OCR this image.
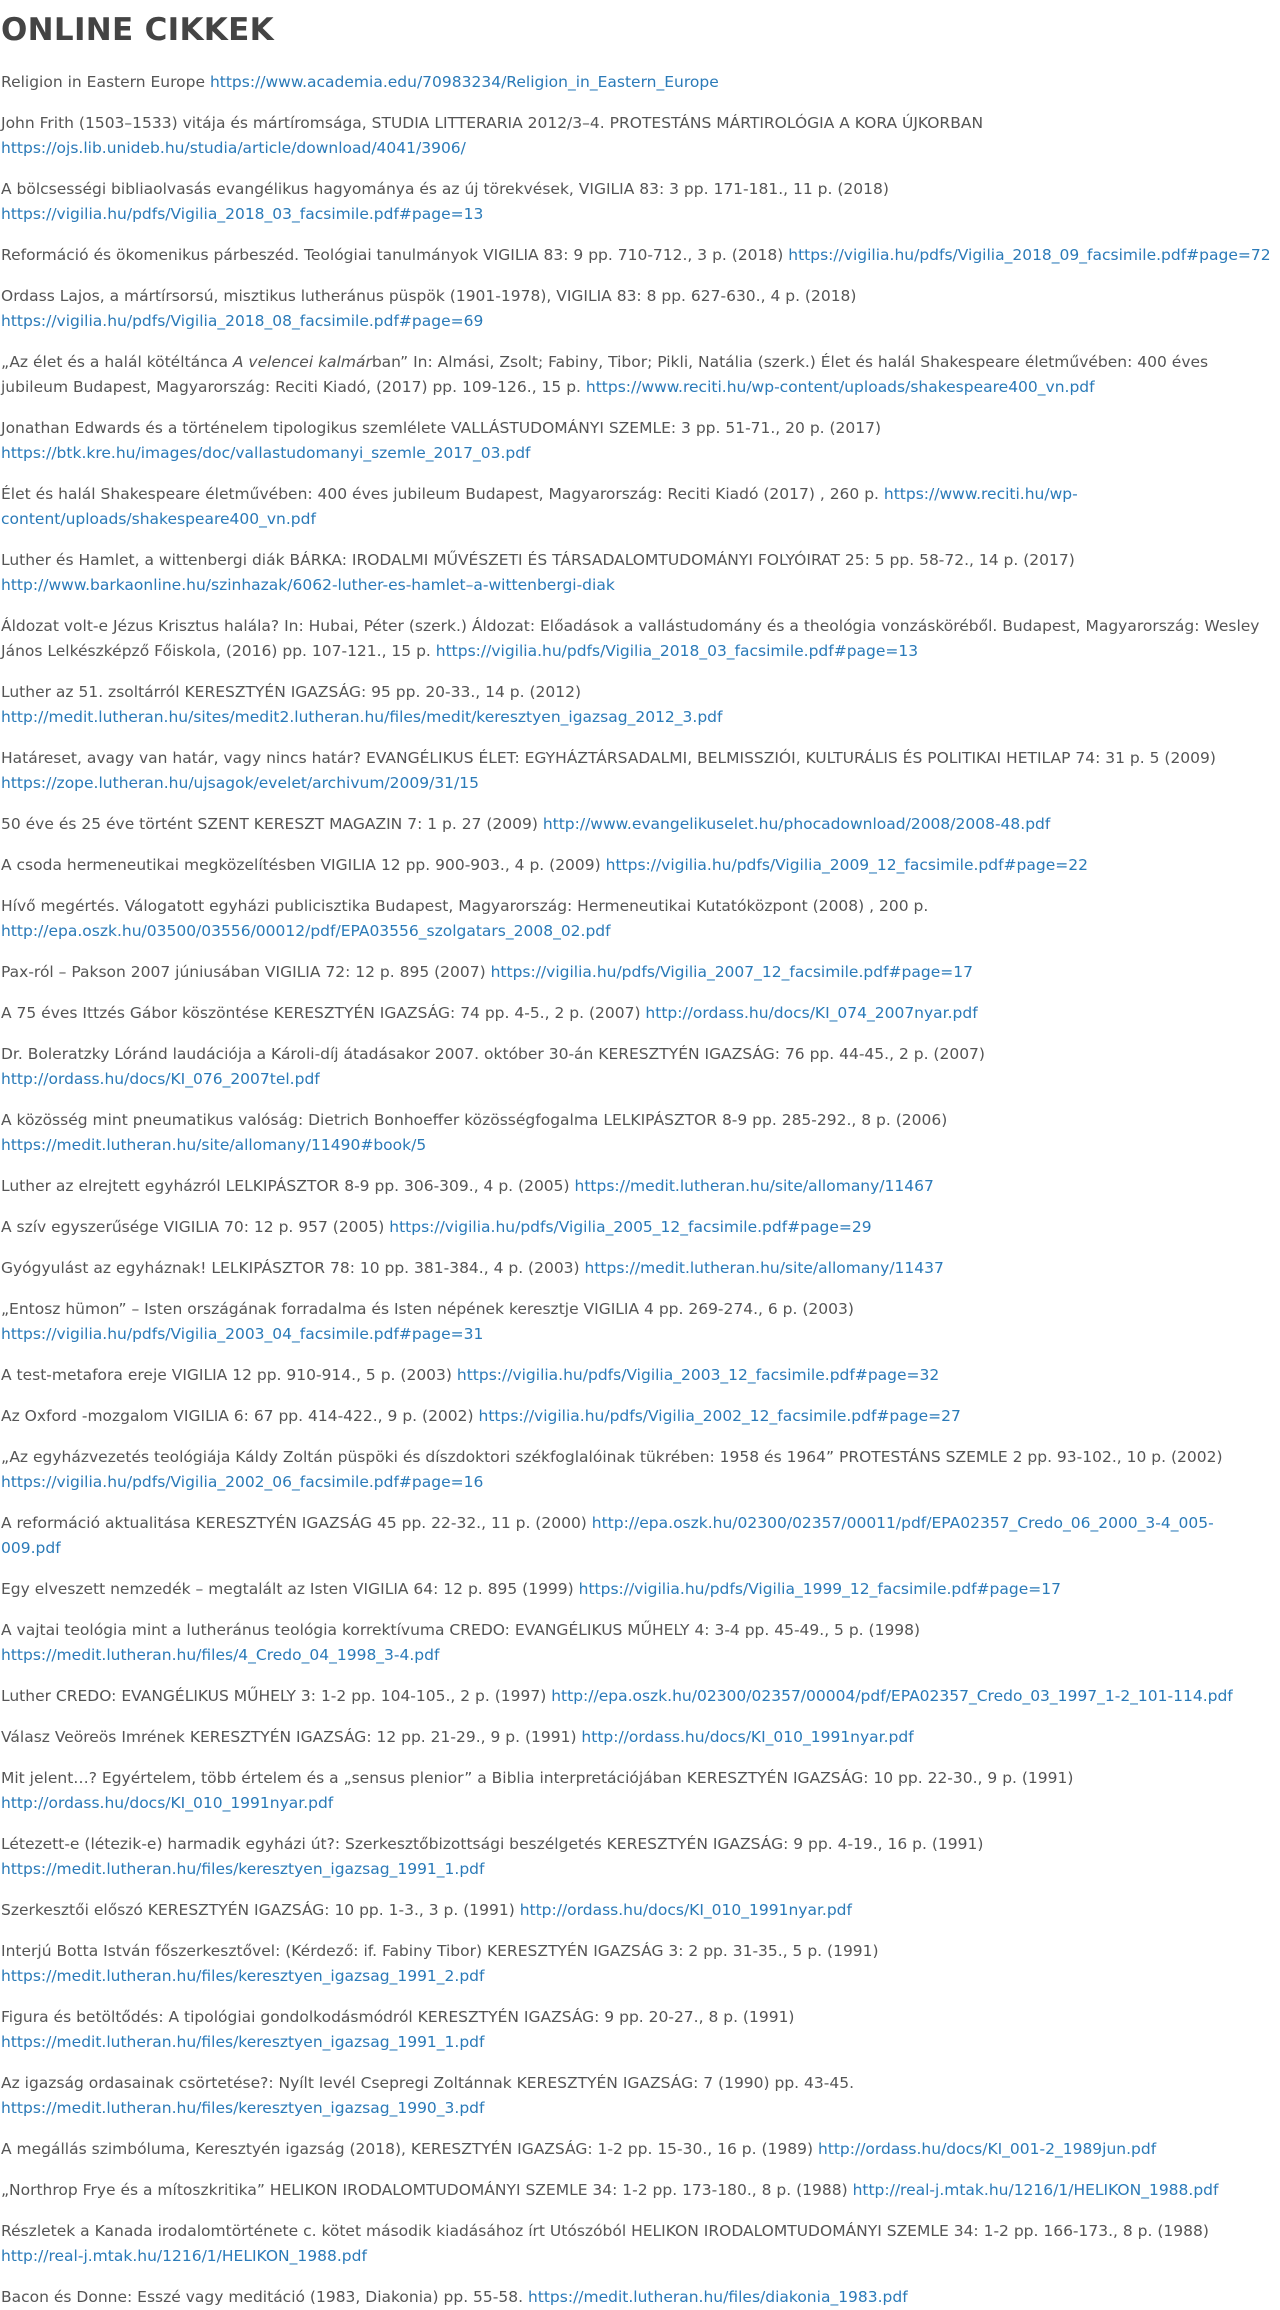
ONLINE CIKKEK

Religion in Eastern Europe https://www.academia.edu/70983234/Religion_in_Eastern_Europe

John Frith (1503–1533) vitája és mártíromsága, STUDIA LITTERARIA 2012/3–4. PROTESTÁNS MÁRTIROLÓGIA A KORA ÚJKORBAN https://ojs.lib.unideb.hu/studia/article/download/4041/3906/

A bölcsességi bibliaolvasás evangélikus hagyománya és az új törekvések, VIGILIA 83: 3 pp. 171-181., 11 p. (2018) https://vigilia.hu/pdfs/Vigilia_2018_03_facsimile.pdf#page=13

Reformáció és ökomenikus párbeszéd. Teológiai tanulmányok VIGILIA 83: 9 pp. 710-712., 3 p. (2018) https://vigilia.hu/pdfs/Vigilia_2018_09_facsimile.pdf#page=72

Ordass Lajos, a mártírsorsú, misztikus lutheránus püspök (1901-1978), VIGILIA 83: 8 pp. 627-630., 4 p. (2018) https://vigilia.hu/pdfs/Vigilia_2018_08_facsimile.pdf#page=69

„Az élet és a halál kötéltánca A velencei kalmárban” In: Almási, Zsolt; Fabiny, Tibor; Pikli, Natália (szerk.) Élet és halál Shakespeare életművében: 400 éves jubileum Budapest, Magyarország: Reciti Kiadó, (2017) pp. 109-126., 15 p. https://www.reciti.hu/wp-content/uploads/shakespeare400_vn.pdf

Jonathan Edwards és a történelem tipologikus szemlélete VALLÁSTUDOMÁNYI SZEMLE: 3 pp. 51-71., 20 p. (2017) https://btk.kre.hu/images/doc/vallastudomanyi_szemle_2017_03.pdf

Élet és halál Shakespeare életművében: 400 éves jubileum Budapest, Magyarország: Reciti Kiadó (2017) , 260 p. https://www.reciti.hu/wp-content/uploads/shakespeare400_vn.pdf

Luther és Hamlet, a wittenbergi diák BÁRKA: IRODALMI MŰVÉSZETI ÉS TÁRSADALOMTUDOMÁNYI FOLYÓIRAT 25: 5 pp. 58-72., 14 p. (2017) http://www.barkaonline.hu/szinhazak/6062-luther-es-hamlet–a-wittenbergi-diak

Áldozat volt-e Jézus Krisztus halála? In: Hubai, Péter (szerk.) Áldozat: Előadások a vallástudomány és a theológia vonzásköréből. Budapest, Magyarország: Wesley János Lelkészképző Főiskola, (2016) pp. 107-121., 15 p. https://vigilia.hu/pdfs/Vigilia_2018_03_facsimile.pdf#page=13

Luther az 51. zsoltárról KERESZTYÉN IGAZSÁG: 95 pp. 20-33., 14 p. (2012) http://medit.lutheran.hu/sites/medit2.lutheran.hu/files/medit/keresztyen_igazsag_2012_3.pdf

Határeset, avagy van határ, vagy nincs határ? EVANGÉLIKUS ÉLET: EGYHÁZTÁRSADALMI, BELMISSZIÓI, KULTURÁLIS ÉS POLITIKAI HETILAP 74: 31 p. 5 (2009) https://zope.lutheran.hu/ujsagok/evelet/archivum/2009/31/15

50 éve és 25 éve történt SZENT KERESZT MAGAZIN 7: 1 p. 27 (2009) http://www.evangelikuselet.hu/phocadownload/2008/2008-48.pdf

A csoda hermeneutikai megközelítésben VIGILIA 12 pp. 900-903., 4 p. (2009) https://vigilia.hu/pdfs/Vigilia_2009_12_facsimile.pdf#page=22

Hívő megértés. Válogatott egyházi publicisztika Budapest, Magyarország: Hermeneutikai Kutatóközpont (2008) , 200 p. http://epa.oszk.hu/03500/03556/00012/pdf/EPA03556_szolgatars_2008_02.pdf

Pax-ról – Pakson 2007 júniusában VIGILIA 72: 12 p. 895 (2007) https://vigilia.hu/pdfs/Vigilia_2007_12_facsimile.pdf#page=17

A 75 éves Ittzés Gábor köszöntése KERESZTYÉN IGAZSÁG: 74 pp. 4-5., 2 p. (2007) http://ordass.hu/docs/KI_074_2007nyar.pdf

Dr. Boleratzky Lóránd laudációja a Károli-díj átadásakor 2007. október 30-án KERESZTYÉN IGAZSÁG: 76 pp. 44-45., 2 p. (2007) http://ordass.hu/docs/KI_076_2007tel.pdf

A közösség mint pneumatikus valóság: Dietrich Bonhoeffer közösségfogalma LELKIPÁSZTOR 8-9 pp. 285-292., 8 p. (2006) https://medit.lutheran.hu/site/allomany/11490#book/5

Luther az elrejtett egyházról LELKIPÁSZTOR 8-9 pp. 306-309., 4 p. (2005) https://medit.lutheran.hu/site/allomany/11467

A szív egyszerűsége VIGILIA 70: 12 p. 957 (2005) https://vigilia.hu/pdfs/Vigilia_2005_12_facsimile.pdf#page=29

Gyógyulást az egyháznak! LELKIPÁSZTOR 78: 10 pp. 381-384., 4 p. (2003) https://medit.lutheran.hu/site/allomany/11437

„Entosz hümon” – Isten országának forradalma és Isten népének keresztje VIGILIA 4 pp. 269-274., 6 p. (2003) https://vigilia.hu/pdfs/Vigilia_2003_04_facsimile.pdf#page=31

A test-metafora ereje VIGILIA 12 pp. 910-914., 5 p. (2003) https://vigilia.hu/pdfs/Vigilia_2003_12_facsimile.pdf#page=32

Az Oxford -mozgalom VIGILIA 6: 67 pp. 414-422., 9 p. (2002) https://vigilia.hu/pdfs/Vigilia_2002_12_facsimile.pdf#page=27

„Az egyházvezetés teológiája Káldy Zoltán püspöki és díszdoktori székfoglalóinak tükrében: 1958 és 1964” PROTESTÁNS SZEMLE 2 pp. 93-102., 10 p. (2002) https://vigilia.hu/pdfs/Vigilia_2002_06_facsimile.pdf#page=16

A reformáció aktualitása KERESZTYÉN IGAZSÁG 45 pp. 22-32., 11 p. (2000) http://epa.oszk.hu/02300/02357/00011/pdf/EPA02357_Credo_06_2000_3-4_005-009.pdf

Egy elveszett nemzedék – megtalált az Isten VIGILIA 64: 12 p. 895 (1999) https://vigilia.hu/pdfs/Vigilia_1999_12_facsimile.pdf#page=17

A vajtai teológia mint a lutheránus teológia korrektívuma CREDO: EVANGÉLIKUS MŰHELY 4: 3-4 pp. 45-49., 5 p. (1998) https://medit.lutheran.hu/files/4_Credo_04_1998_3-4.pdf

Luther CREDO: EVANGÉLIKUS MŰHELY 3: 1-2 pp. 104-105., 2 p. (1997) http://epa.oszk.hu/02300/02357/00004/pdf/EPA02357_Credo_03_1997_1-2_101-114.pdf

Válasz Veöreös Imrének KERESZTYÉN IGAZSÁG: 12 pp. 21-29., 9 p. (1991) http://ordass.hu/docs/KI_010_1991nyar.pdf

Mit jelent…? Egyértelem, több értelem és a „sensus plenior” a Biblia interpretációjában KERESZTYÉN IGAZSÁG: 10 pp. 22-30., 9 p. (1991) http://ordass.hu/docs/KI_010_1991nyar.pdf

Létezett-e (létezik-e) harmadik egyházi út?: Szerkesztőbizottsági beszélgetés KERESZTYÉN IGAZSÁG: 9 pp. 4-19., 16 p. (1991) https://medit.lutheran.hu/files/keresztyen_igazsag_1991_1.pdf

Szerkesztői előszó KERESZTYÉN IGAZSÁG: 10 pp. 1-3., 3 p. (1991) http://ordass.hu/docs/KI_010_1991nyar.pdf

Interjú Botta István főszerkesztővel: (Kérdező: if. Fabiny Tibor) KERESZTYÉN IGAZSÁG 3: 2 pp. 31-35., 5 p. (1991) https://medit.lutheran.hu/files/keresztyen_igazsag_1991_2.pdf

Figura és betöltődés: A tipológiai gondolkodásmódról KERESZTYÉN IGAZSÁG: 9 pp. 20-27., 8 p. (1991) https://medit.lutheran.hu/files/keresztyen_igazsag_1991_1.pdf

Az igazság ordasainak csörtetése?: Nyílt levél Csepregi Zoltánnak KERESZTYÉN IGAZSÁG: 7 (1990) pp. 43-45. https://medit.lutheran.hu/files/keresztyen_igazsag_1990_3.pdf

A megállás szimbóluma, Keresztyén igazság (2018), KERESZTYÉN IGAZSÁG: 1-2 pp. 15-30., 16 p. (1989) http://ordass.hu/docs/KI_001-2_1989jun.pdf

„Northrop Frye és a mítoszkritika” HELIKON IRODALOMTUDOMÁNYI SZEMLE 34: 1-2 pp. 173-180., 8 p. (1988) http://real-j.mtak.hu/1216/1/HELIKON_1988.pdf

Részletek a Kanada irodalomtörténete c. kötet második kiadásához írt Utószóból HELIKON IRODALOMTUDOMÁNYI SZEMLE 34: 1-2 pp. 166-173., 8 p. (1988) http://real-j.mtak.hu/1216/1/HELIKON_1988.pdf

Bacon és Donne: Esszé vagy meditáció (1983, Diakonia) pp. 55-58. https://medit.lutheran.hu/files/diakonia_1983.pdf
